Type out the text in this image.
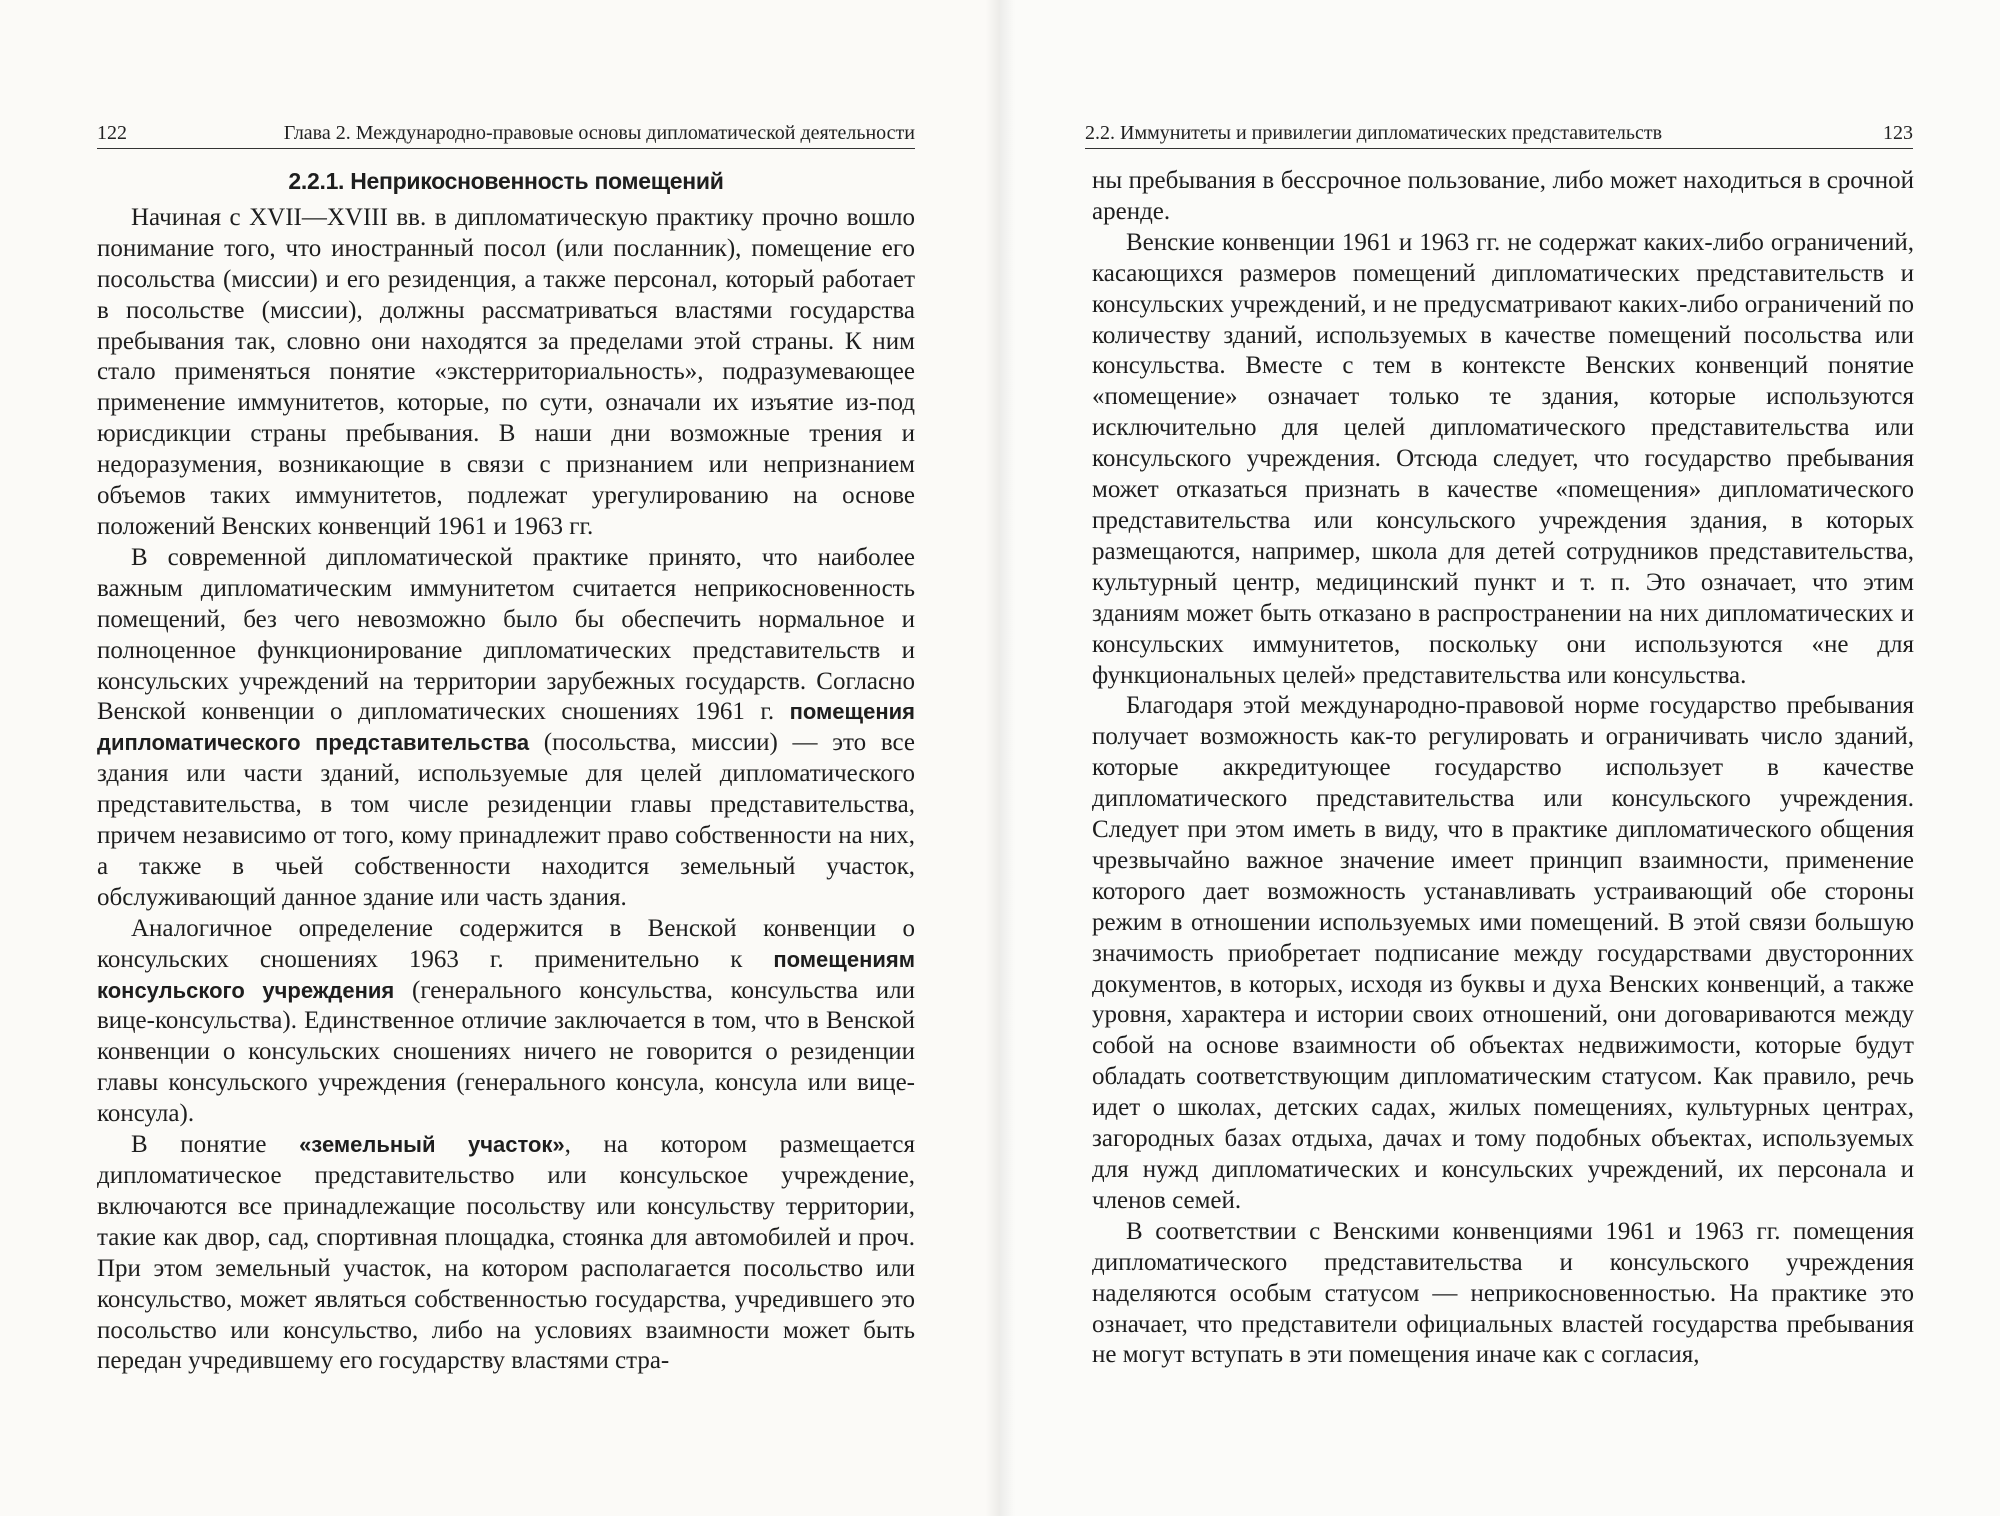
122	Глава 2. Международно-правовые основы дипломатической деятельности
2.2.1. Неприкосновенность помещений

Начиная с XVII—XVIII вв. в дипломатическую практику прочно вошло понимание того, что иностранный посол (или посланник), помещение его посольства (миссии) и его резиденция, а также персонал, который работает в посольстве (миссии), должны рассматриваться властями государства пребывания так, словно они находятся за пределами этой страны. К ним стало применяться понятие «экстерриториальность», подразумевающее применение иммунитетов, которые, по сути, означали их изъятие из-под юрисдикции страны пребывания. В наши дни возможные трения и недоразумения, возникающие в связи с признанием или непризнанием объемов таких иммунитетов, подлежат урегулированию на основе положений Венских конвенций 1961 и 1963 гг.

В современной дипломатической практике принято, что наиболее важным дипломатическим иммунитетом считается неприкосновенность помещений, без чего невозможно было бы обеспечить нормальное и полноценное функционирование дипломатических представительств и консульских учреждений на территории зарубежных государств. Согласно Венской конвенции о дипломатических сношениях 1961 г. помещения дипломатического представительства (посольства, миссии) — это все здания или части зданий, используемые для целей дипломатического представительства, в том числе резиденции главы представительства, причем независимо от того, кому принадлежит право собственности на них, а также в чьей собственности находится земельный участок, обслуживающий данное здание или часть здания.

Аналогичное определение содержится в Венской конвенции о консульских сношениях 1963 г. применительно к помещениям консульского учреждения (генерального консульства, консульства или вице-консульства). Единственное отличие заключается в том, что в Венской конвенции о консульских сношениях ничего не говорится о резиденции главы консульского учреждения (генерального консула, консула или вице-консула).

В понятие «земельный участок», на котором размещается дипломатическое представительство или консульское учреждение, включаются все принадлежащие посольству или консульству территории, такие как двор, сад, спортивная площадка, стоянка для автомобилей и проч. При этом земельный участок, на котором располагается посольство или консульство, может являться собственностью государства, учредившего это посольство или консульство, либо на условиях взаимности может быть передан учредившему его государству властями стра-

2.2. Иммунитеты и привилегии дипломатических представительств	123

ны пребывания в бессрочное пользование, либо может находиться в срочной аренде.

Венские конвенции 1961 и 1963 гг. не содержат каких-либо ограничений, касающихся размеров помещений дипломатических представительств и консульских учреждений, и не предусматривают каких-либо ограничений по количеству зданий, используемых в качестве помещений посольства или консульства. Вместе с тем в контексте Венских конвенций понятие «помещение» означает только те здания, которые используются исключительно для целей дипломатического представительства или консульского учреждения. Отсюда следует, что государство пребывания может отказаться признать в качестве «помещения» дипломатического представительства или консульского учреждения здания, в которых размещаются, например, школа для детей сотрудников представительства, культурный центр, медицинский пункт и т. п. Это означает, что этим зданиям может быть отказано в распространении на них дипломатических и консульских иммунитетов, поскольку они используются «не для функциональных целей» представительства или консульства.

Благодаря этой международно-правовой норме государство пребывания получает возможность как-то регулировать и ограничивать число зданий, которые аккредитующее государство использует в качестве дипломатического представительства или консульского учреждения. Следует при этом иметь в виду, что в практике дипломатического общения чрезвычайно важное значение имеет принцип взаимности, применение которого дает возможность устанавливать устраивающий обе стороны режим в отношении используемых ими помещений. В этой связи большую значимость приобретает подписание между государствами двусторонних документов, в которых, исходя из буквы и духа Венских конвенций, а также уровня, характера и истории своих отношений, они договариваются между собой на основе взаимности об объектах недвижимости, которые будут обладать соответствующим дипломатическим статусом. Как правило, речь идет о школах, детских садах, жилых помещениях, культурных центрах, загородных базах отдыха, дачах и тому подобных объектах, используемых для нужд дипломатических и консульских учреждений, их персонала и членов семей.

В соответствии с Венскими конвенциями 1961 и 1963 гг. помещения дипломатического представительства и консульского учреждения наделяются особым статусом — неприкосновенностью. На практике это означает, что представители официальных властей государства пребывания не могут вступать в эти помещения иначе как с согласия,
